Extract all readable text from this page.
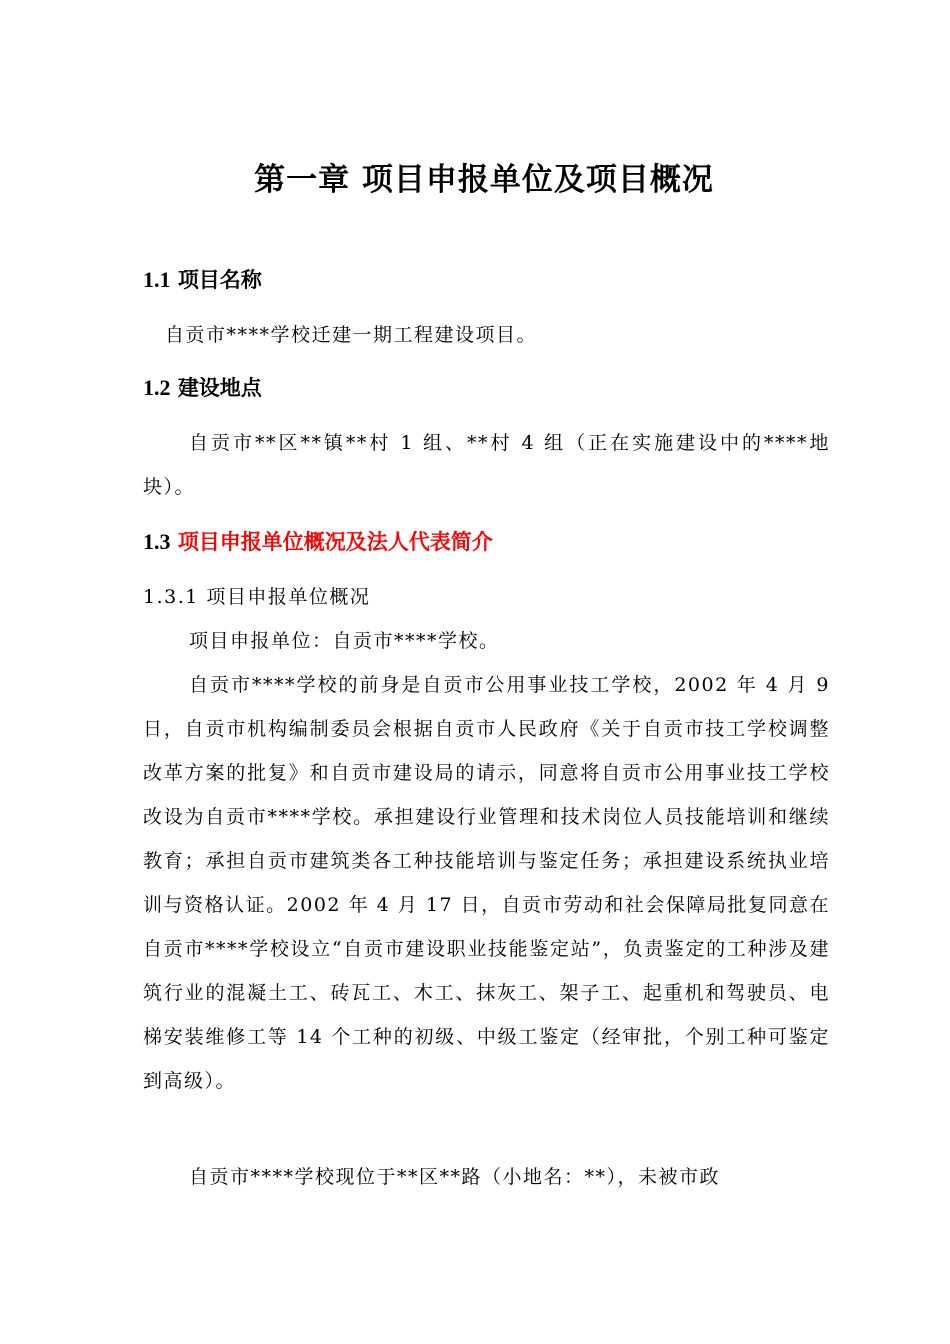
第一章 项目申报单位及项目概况
1.1 项目名称

自贡市****学校迁建一期工程建设项目。

1.2 建设地点

自贡市**区**镇**村 1 组、**村 4 组（正在实施建设中的****地块）。

1.3 项目申报单位概况及法人代表简介

1.3.1 项目申报单位概况

项目申报单位：自贡市****学校。

自贡市****学校的前身是自贡市公用事业技工学校，2002 年 4 月 9 日，自贡市机构编制委员会根据自贡市人民政府《关于自贡市技工学校调整改革方案的批复》和自贡市建设局的请示，同意将自贡市公用事业技工学校改设为自贡市****学校。承担建设行业管理和技术岗位人员技能培训和继续教育；承担自贡市建筑类各工种技能培训与鉴定任务；承担建设系统执业培训与资格认证。2002 年 4 月 17 日，自贡市劳动和社会保障局批复同意在自贡市****学校设立“自贡市建设职业技能鉴定站”，负责鉴定的工种涉及建筑行业的混凝土工、砖瓦工、木工、抹灰工、架子工、起重机和驾驶员、电梯安装维修工等 14 个工种的初级、中级工鉴定（经审批，个别工种可鉴定到高级）。

自贡市****学校现位于**区**路（小地名：**），未被市政
